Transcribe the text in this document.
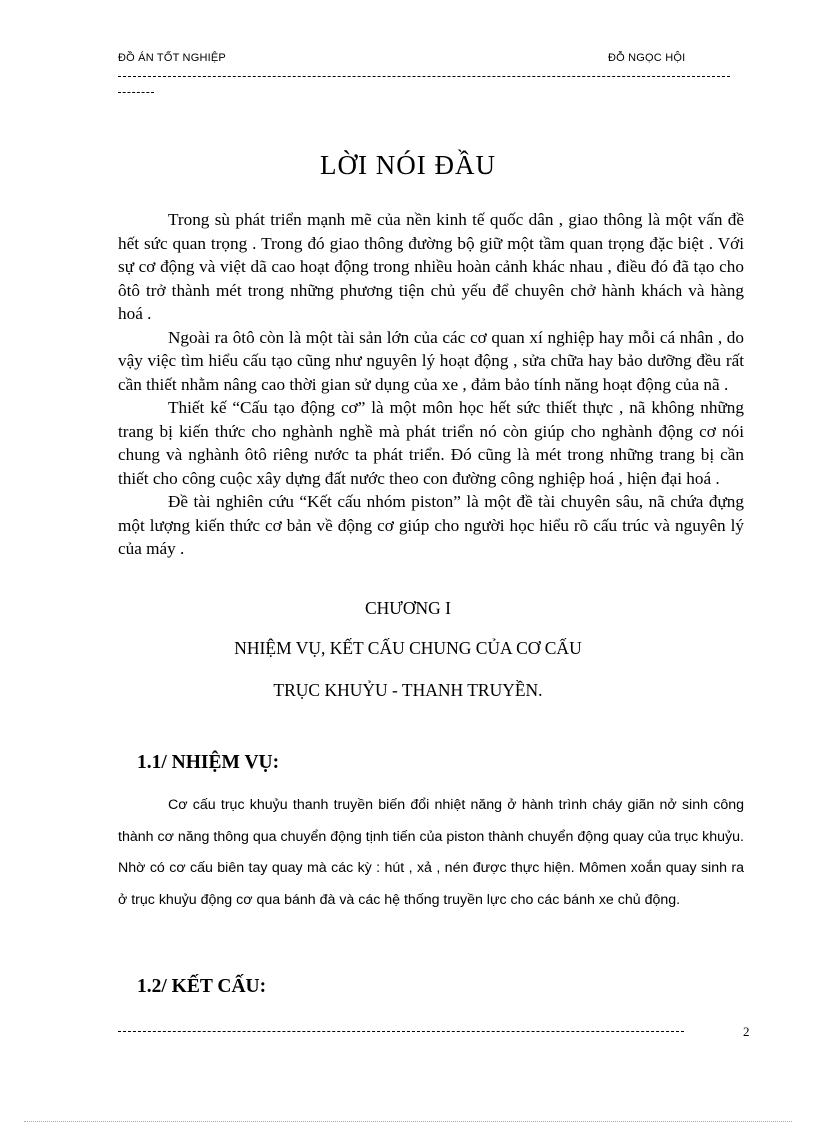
ĐỒ ÁN TỐT NGHIỆP	ĐỖ NGỌC HỘI
LỜI NÓI ĐẦU

Trong sù phát triển mạnh mẽ của nền kinh tế quốc dân , giao thông là một vấn đề hết sức quan trọng . Trong đó giao thông đường bộ giữ một tầm quan trọng đặc biệt . Với sự cơ động và việt dã cao hoạt động trong nhiều hoàn cảnh khác nhau , điều đó đã tạo cho ôtô trở thành mét trong những phương tiện chủ yếu để chuyên chở hành khách và hàng hoá .

Ngoài ra ôtô còn là một tài sản lớn của các cơ quan xí nghiệp hay mỗi cá nhân , do vậy việc tìm hiểu cấu tạo cũng như nguyên lý hoạt động , sửa chữa hay bảo dưỡng đều rất cần thiết nhằm nâng cao thời gian sử dụng của xe , đảm bảo tính năng hoạt động của nã .

Thiết kế “Cấu tạo động cơ” là một môn học hết sức thiết thực , nã không những trang bị kiến thức cho nghành nghề mà phát triển nó còn giúp cho nghành động cơ nói chung và nghành ôtô riêng nước ta phát triển. Đó cũng là mét trong những trang bị cần thiết cho công cuộc xây dựng đất nước theo con đường công nghiệp hoá , hiện đại hoá .

Đề tài nghiên cứu “Kết cấu nhóm piston” là một đề tài chuyên sâu, nã chứa đựng một lượng kiến thức cơ bản về động cơ giúp cho người học hiểu rõ cấu trúc và nguyên lý của máy .

CHƯƠNG I
NHIỆM VỤ, KẾT CẤU CHUNG CỦA CƠ CẤU
TRỤC KHUỶU - THANH TRUYỀN.
1.1/ NHIỆM VỤ:

Cơ cấu trục khuỷu thanh truyền biến đổi nhiệt năng ở hành trình cháy giãn nở sinh công thành cơ năng thông qua chuyển động tịnh tiến của piston thành chuyển động quay của trục khuỷu. Nhờ có cơ cấu biên tay quay mà các kỳ : hút , xả , nén được thực hiện. Mômen xoắn quay sinh ra ở trục khuỷu động cơ qua bánh đà và các hệ thống truyền lực cho các bánh xe chủ động.

1.2/ KẾT CẤU:
2
